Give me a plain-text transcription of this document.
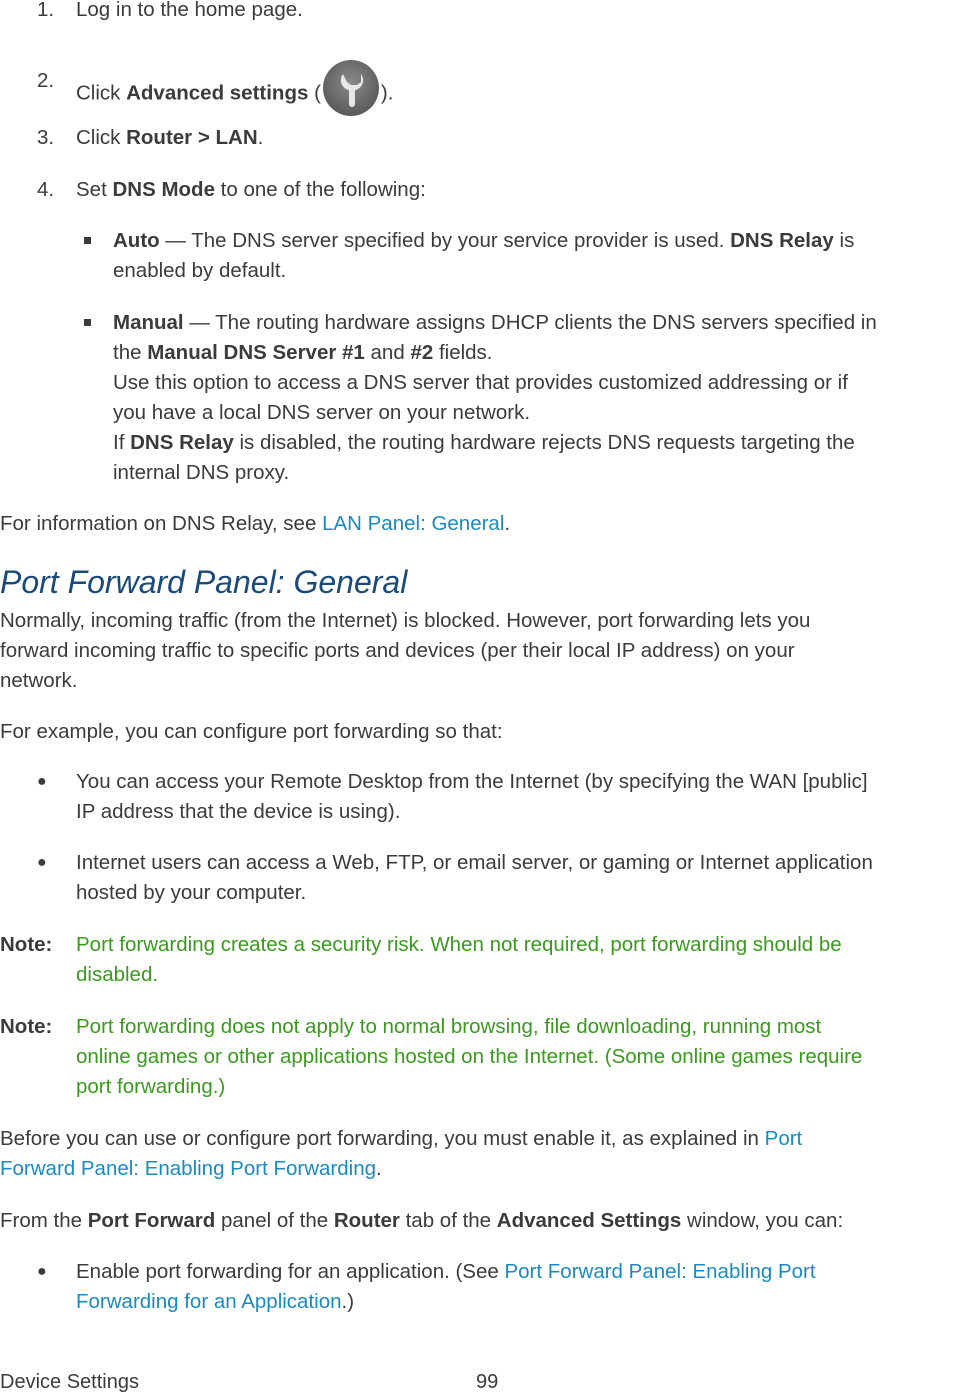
1.	Log in to the home page.
2.
Click Advanced settings (	).
3.	Click Router > LAN.
4.	Set DNS Mode to one of the following:
Auto — The DNS server specified by your service provider is used. DNS Relay is
enabled by default.
Manual — The routing hardware assigns DHCP clients the DNS servers specified in
the Manual DNS Server #1 and #2 fields.
Use this option to access a DNS server that provides customized addressing or if
you have a local DNS server on your network.
If DNS Relay is disabled, the routing hardware rejects DNS requests targeting the
internal DNS proxy.
For information on DNS Relay, see LAN Panel: General.
Port Forward Panel: General
Normally, incoming traffic (from the Internet) is blocked. However, port forwarding lets you
forward incoming traffic to specific ports and devices (per their local IP address) on your
network.
For example, you can configure port forwarding so that:
● You can access your Remote Desktop from the Internet (by specifying the WAN [public]
IP address that the device is using).
● Internet users can access a Web, FTP, or email server, or gaming or Internet application
hosted by your computer.
Note: Port forwarding creates a security risk. When not required, port forwarding should be
disabled.
Note: Port forwarding does not apply to normal browsing, file downloading, running most
online games or other applications hosted on the Internet. (Some online games require
port forwarding.)
Before you can use or configure port forwarding, you must enable it, as explained in Port
Forward Panel: Enabling Port Forwarding.
From the Port Forward panel of the Router tab of the Advanced Settings window, you can:
● Enable port forwarding for an application. (See Port Forward Panel: Enabling Port
Forwarding for an Application.)
Device Settings	99
